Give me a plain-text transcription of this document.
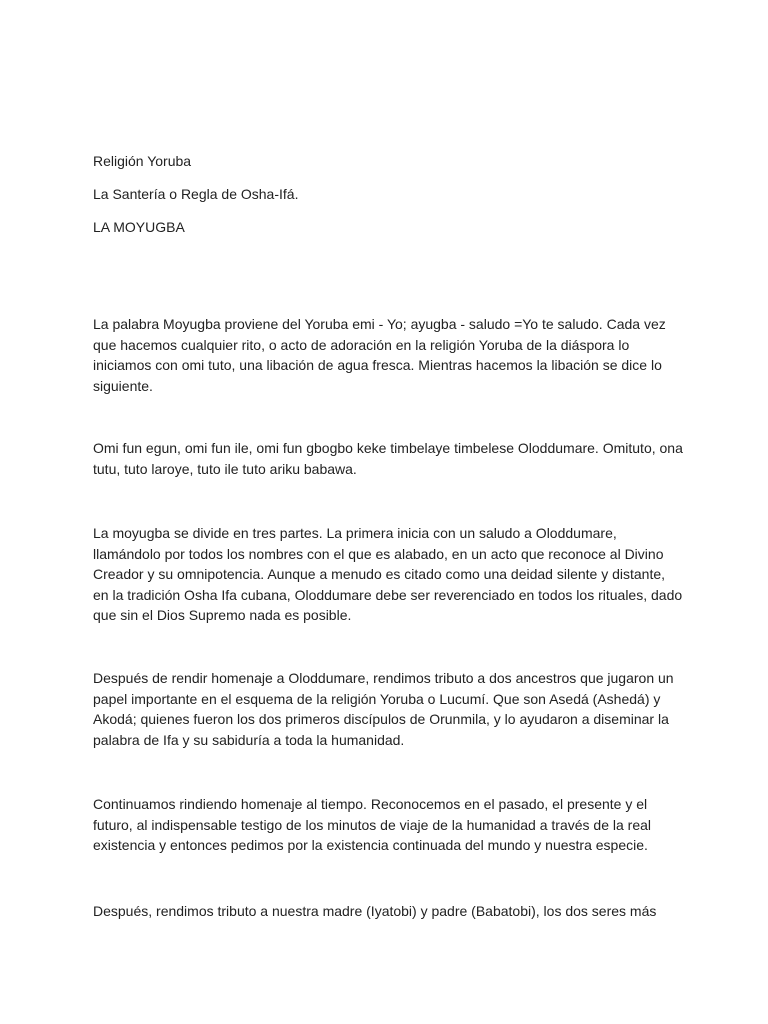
Religión Yoruba
La Santería o Regla de Osha-Ifá.
LA MOYUGBA

La palabra Moyugba proviene del Yoruba emi - Yo; ayugba - saludo =Yo te saludo. Cada vez que hacemos cualquier rito, o acto de adoración en la religión Yoruba de la diáspora lo iniciamos con omi tuto, una libación de agua fresca. Mientras hacemos la libación se dice lo siguiente.

Omi fun egun, omi fun ile, omi fun gbogbo keke timbelaye timbelese Oloddumare. Omituto, ona tutu, tuto laroye, tuto ile tuto ariku babawa.

La moyugba se divide en tres partes. La primera inicia con un saludo a Oloddumare, llamándolo por todos los nombres con el que es alabado, en un acto que reconoce al Divino Creador y su omnipotencia. Aunque a menudo es citado como una deidad silente y distante, en la tradición Osha Ifa cubana, Oloddumare debe ser reverenciado en todos los rituales, dado que sin el Dios Supremo nada es posible.

Después de rendir homenaje a Oloddumare, rendimos tributo a dos ancestros que jugaron un papel importante en el esquema de la religión Yoruba o Lucumí. Que son Asedá (Ashedá) y Akodá; quienes fueron los dos primeros discípulos de Orunmila, y lo ayudaron a diseminar la palabra de Ifa y su sabiduría a toda la humanidad.

Continuamos rindiendo homenaje al tiempo. Reconocemos en el pasado, el presente y el futuro, al indispensable testigo de los minutos de viaje de la humanidad a través de la real existencia y entonces pedimos por la existencia continuada del mundo y nuestra especie.

Después, rendimos tributo a nuestra madre (Iyatobi) y padre (Babatobi), los dos seres más
